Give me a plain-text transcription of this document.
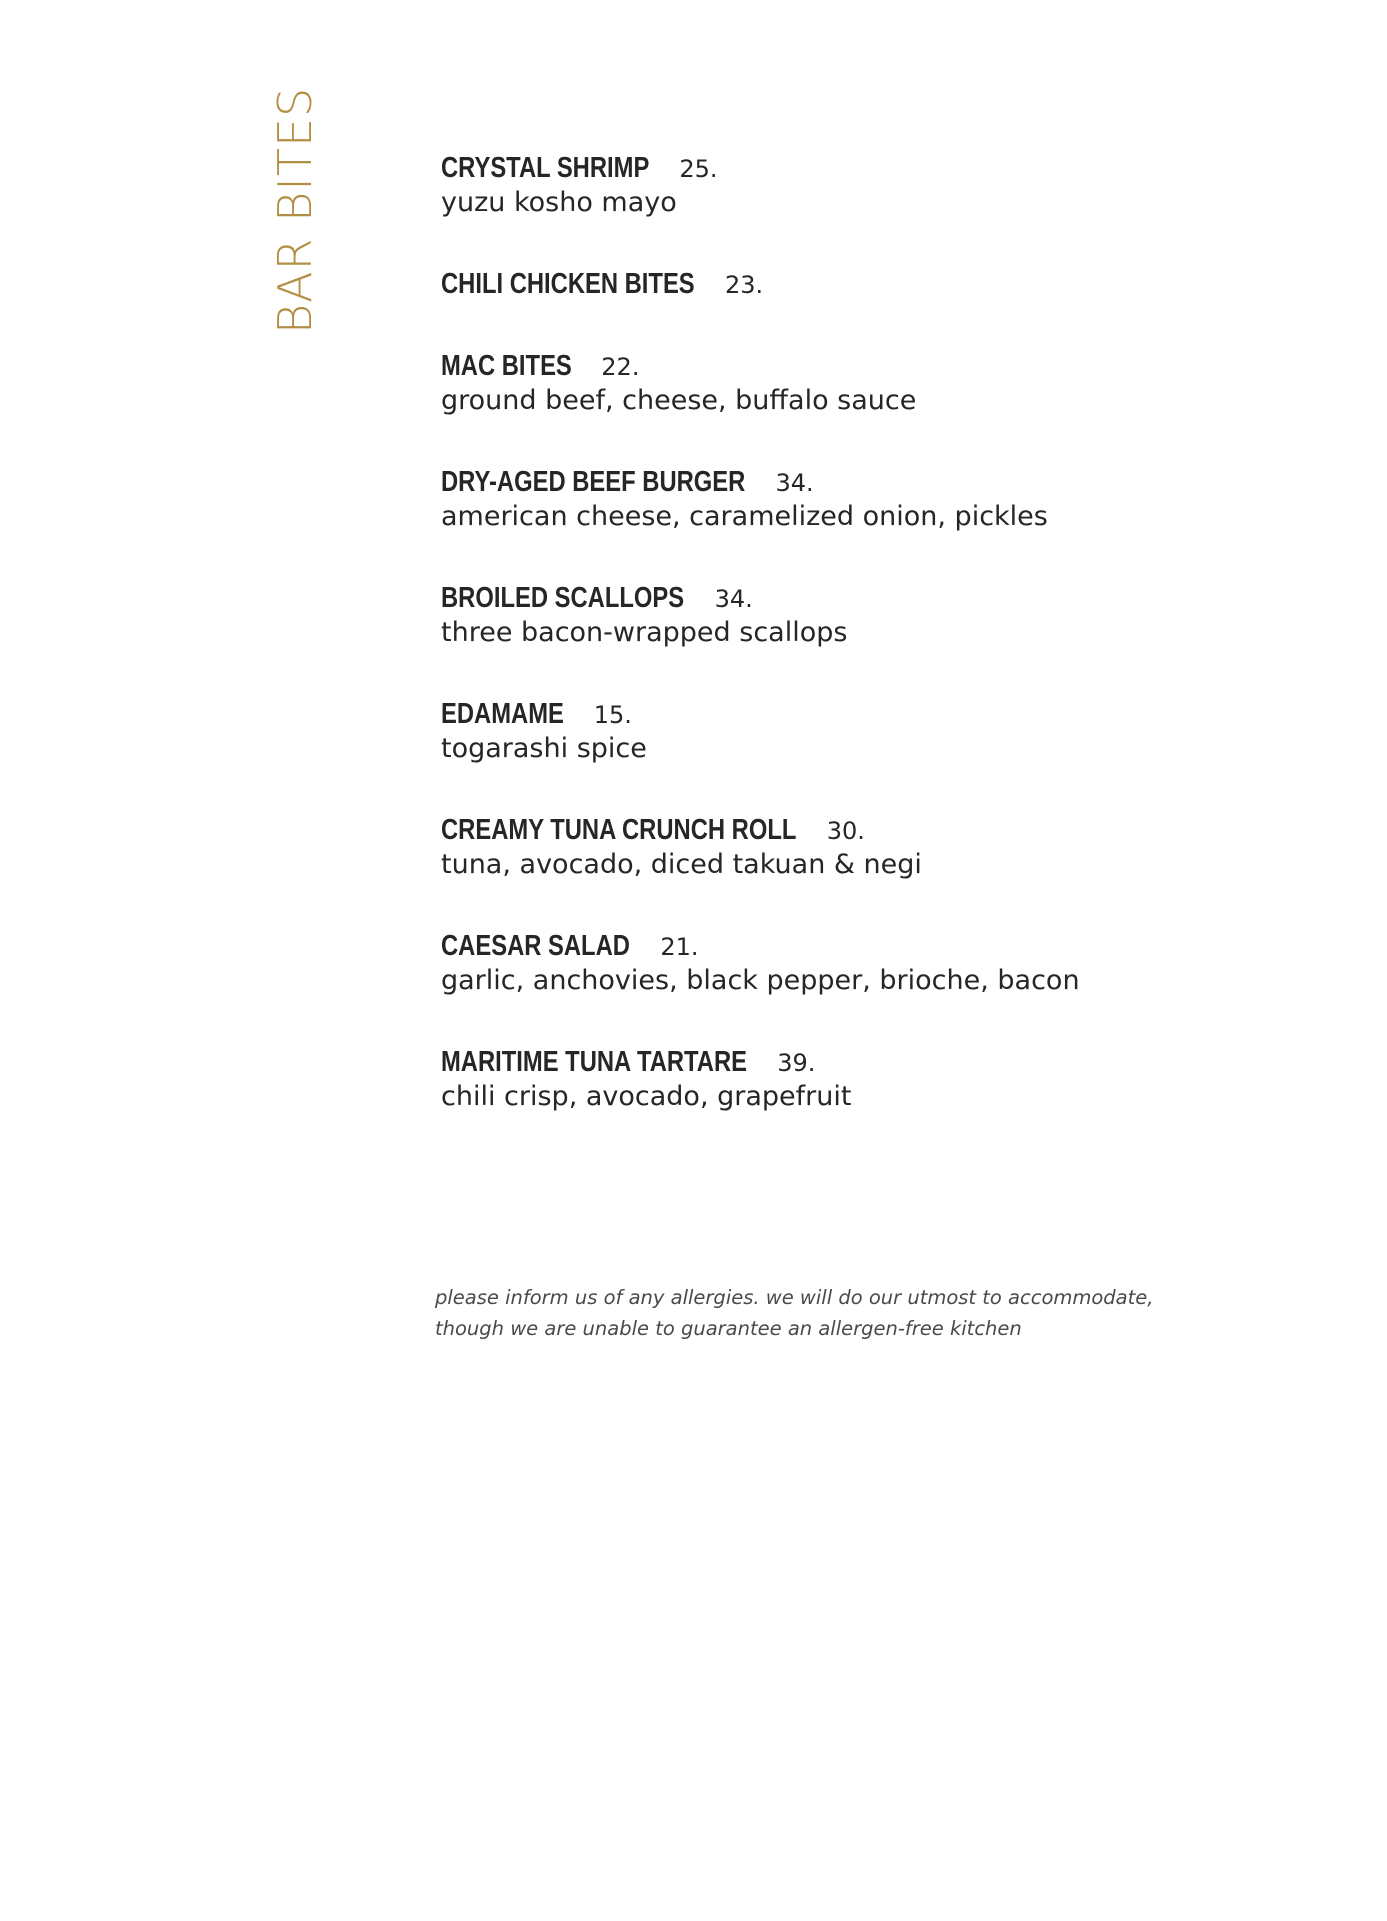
BAR BITES	CRYSTAL SHRIMP 25.
yuzu kosho mayo
CHILI CHICKEN BITES 23.
MAC BITES 22.
ground beef, cheese, buffalo sauce
DRY-AGED BEEF BURGER 34.
american cheese, caramelized onion, pickles
BROILED SCALLOPS 34.
three bacon-wrapped scallops
EDAMAME 15.
togarashi spice
CREAMY TUNA CRUNCH ROLL 30.
tuna, avocado, diced takuan & negi
CAESAR SALAD 21.
garlic, anchovies, black pepper, brioche, bacon
MARITIME TUNA TARTARE 39.
chili crisp, avocado, grapefruit
please inform us of any allergies. we will do our utmost to accommodate,
though we are unable to guarantee an allergen-free kitchen
